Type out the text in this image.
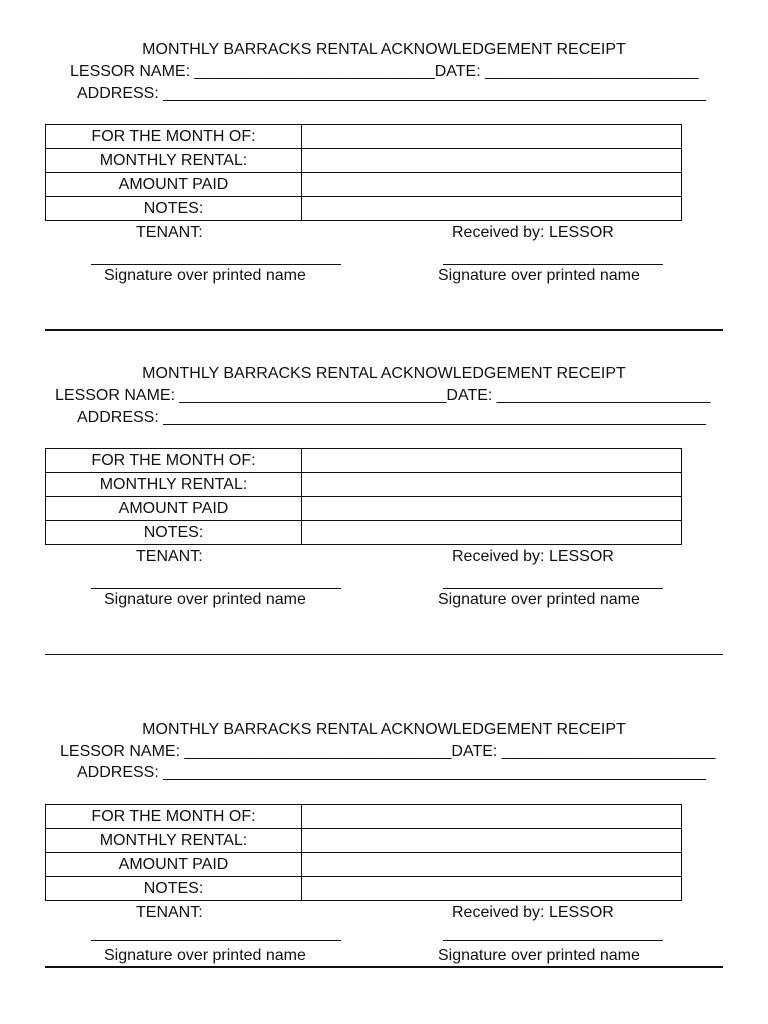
MONTHLY BARRACKS RENTAL ACKNOWLEDGEMENT RECEIPT
LESSOR NAME: ___________________________DATE: ________________________
ADDRESS: _____________________________________________________________
FOR THE MONTH OF:	
MONTHLY RENTAL:	
AMOUNT PAID	
NOTES:	
TENANT:	Received by: LESSOR
Signature over printed name	Signature over printed name
MONTHLY BARRACKS RENTAL ACKNOWLEDGEMENT RECEIPT
LESSOR NAME: ______________________________DATE: ________________________
ADDRESS: _____________________________________________________________
FOR THE MONTH OF:	
MONTHLY RENTAL:	
AMOUNT PAID	
NOTES:	
TENANT:	Received by: LESSOR
Signature over printed name	Signature over printed name
MONTHLY BARRACKS RENTAL ACKNOWLEDGEMENT RECEIPT
LESSOR NAME: ______________________________DATE: ________________________
ADDRESS: _____________________________________________________________
FOR THE MONTH OF:	
MONTHLY RENTAL:	
AMOUNT PAID	
NOTES:	
TENANT:	Received by: LESSOR
Signature over printed name	Signature over printed name
